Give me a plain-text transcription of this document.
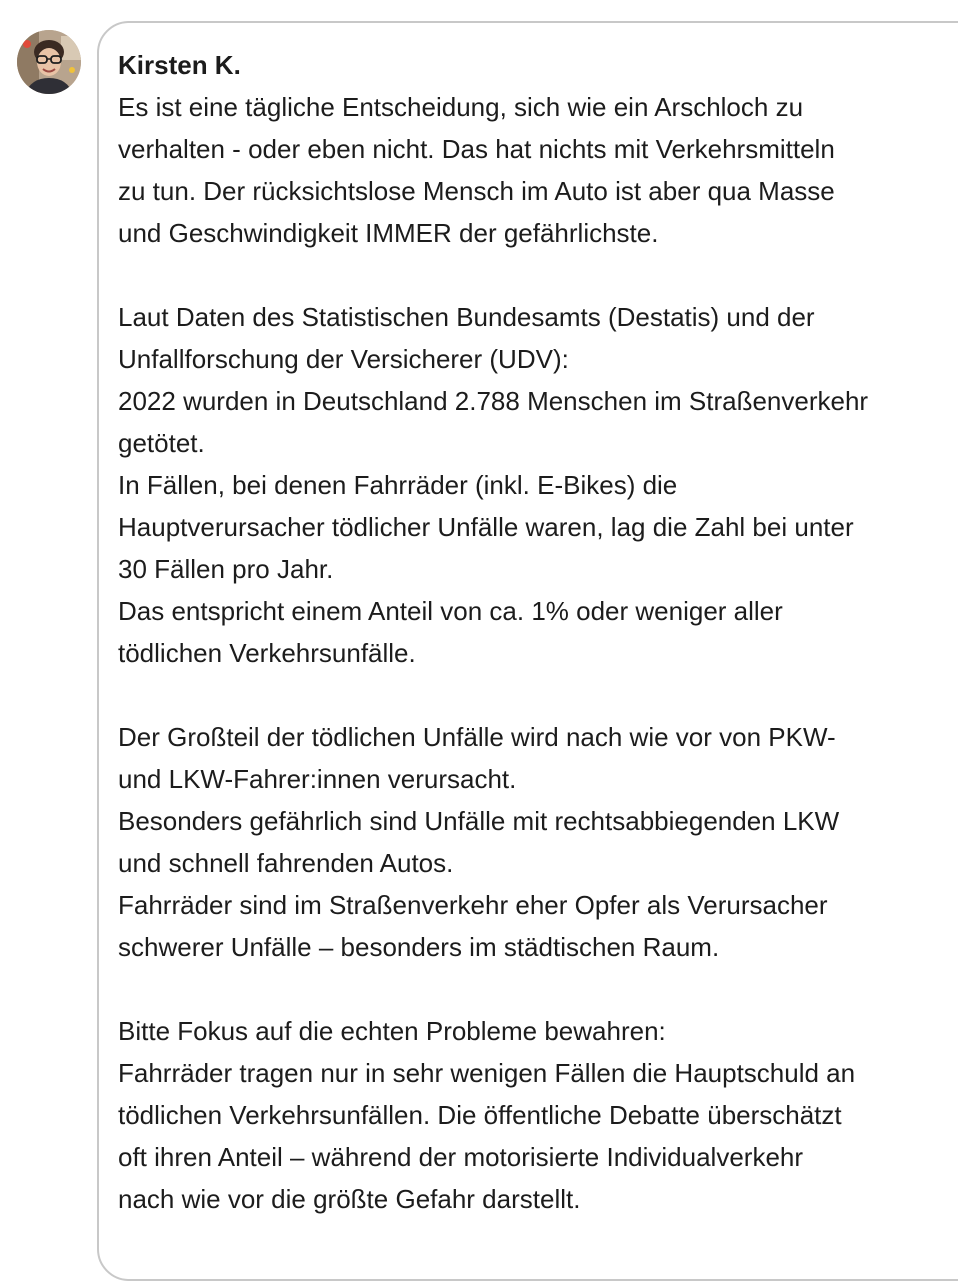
Kirsten K.
Es ist eine tägliche Entscheidung, sich wie ein Arschloch zu
verhalten - oder eben nicht. Das hat nichts mit Verkehrsmitteln
zu tun. Der rücksichtslose Mensch im Auto ist aber qua Masse
und Geschwindigkeit IMMER der gefährlichste.
Laut Daten des Statistischen Bundesamts (Destatis) und der
Unfallforschung der Versicherer (UDV):
2022 wurden in Deutschland 2.788 Menschen im Straßenverkehr
getötet.
In Fällen, bei denen Fahrräder (inkl. E-Bikes) die
Hauptverursacher tödlicher Unfälle waren, lag die Zahl bei unter
30 Fällen pro Jahr.
Das entspricht einem Anteil von ca. 1% oder weniger aller
tödlichen Verkehrsunfälle.
Der Großteil der tödlichen Unfälle wird nach wie vor von PKW-
und LKW-Fahrer:innen verursacht.
Besonders gefährlich sind Unfälle mit rechtsabbiegenden LKW
und schnell fahrenden Autos.
Fahrräder sind im Straßenverkehr eher Opfer als Verursacher
schwerer Unfälle – besonders im städtischen Raum.
Bitte Fokus auf die echten Probleme bewahren:
Fahrräder tragen nur in sehr wenigen Fällen die Hauptschuld an
tödlichen Verkehrsunfällen. Die öffentliche Debatte überschätzt
oft ihren Anteil – während der motorisierte Individualverkehr
nach wie vor die größte Gefahr darstellt.
